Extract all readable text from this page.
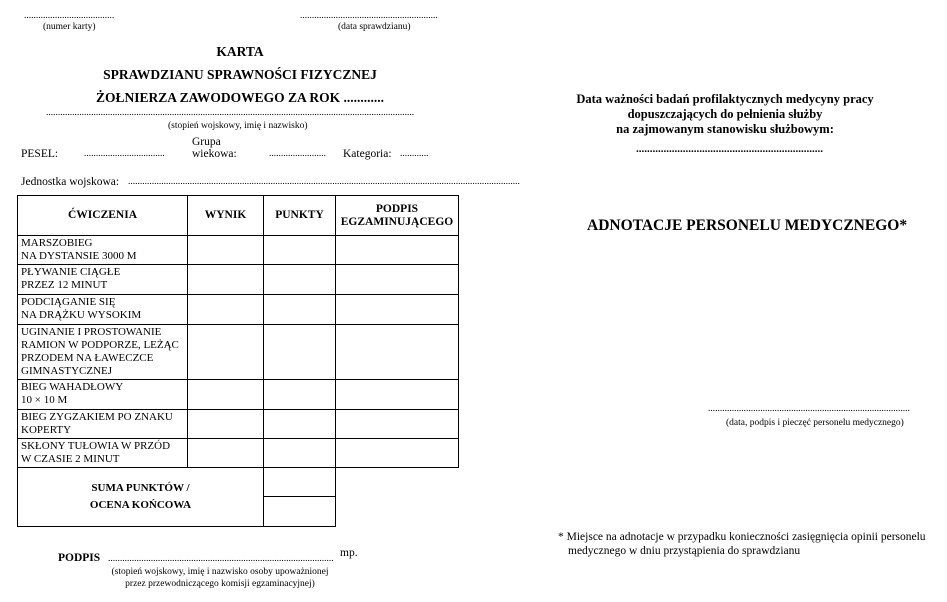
......................................
(numer karty)
..........................................................
(data sprawdzianu)
KARTA
SPRAWDZIANU SPRAWNOŚCI FIZYCZNEJ
ŻOŁNIERZA ZAWODOWEGO ZA ROK ............
...........................................................................................................................................................
(stopień wojskowy, imię i nazwisko)
PESEL:	..................................
Grupa
wiekowa:	........................ Kategoria: ............
Jednostka wojskowa: .....................................................................................................................................................................
ĆWICZENIA	WYNIK	PUNKTY	PODPIS EGZAMINUJĄCEGO

MARSZOBIEG
NA DYSTANSIE 3000 M			

PŁYWANIE CIĄGŁE
PRZEZ 12 MINUT			

PODCIĄGANIE SIĘ
NA DRĄŻKU WYSOKIM			

UGINANIE I PROSTOWANIE
RAMION W PODPORZE, LEŻĄC
PRZODEM NA ŁAWECZCE
GIMNASTYCZNEJ			

BIEG WAHADŁOWY
10 × 10 M			

BIEG ZYGZAKIEM PO ZNAKU
KOPERTY			

SKŁONY TUŁOWIA W PRZÓD
W CZASIE 2 MINUT			

SUMA PUNKTÓW /
OCENA KOŃCOWA			

PODPIS ............................................................................................... mp.
(stopień wojskowy, imię i nazwisko osoby upoważnionej
przez przewodniczącego komisji egzaminacyjnej)
Data ważności badań profilaktycznych medycyny pracy
dopuszczających do pełnienia służby
na zajmowanym stanowisku służbowym:
....................................................................
ADNOTACJE PERSONELU MEDYCZNEGO*
.....................................................................................
(data, podpis i pieczęć personelu medycznego)
* Miejsce na adnotacje w przypadku konieczności zasięgnięcia opinii personelu
medycznego w dniu przystąpienia do sprawdzianu
